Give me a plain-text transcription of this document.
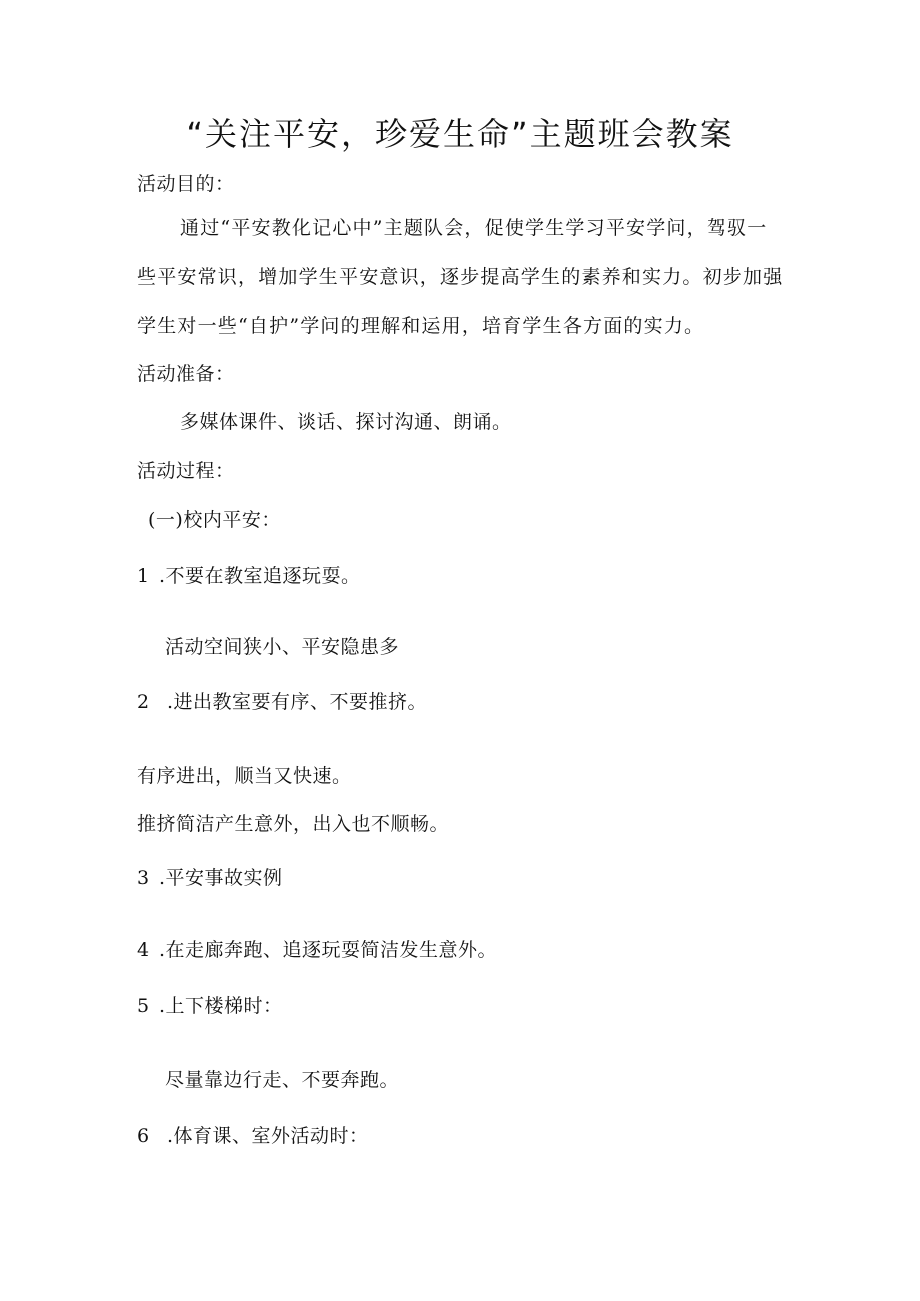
“关注平安，珍爱生命”主题班会教案
活动目的：
通过“平安教化记心中”主题队会，促使学生学习平安学问，驾驭一
些平安常识，增加学生平安意识，逐步提高学生的素养和实力。初步加强
学生对一些“自护”学问的理解和运用，培育学生各方面的实力。
活动准备：
多媒体课件、谈话、探讨沟通、朗诵。
活动过程：
(一)校内平安：
1 .不要在教室追逐玩耍。
活动空间狭小、平安隐患多
2 .进出教室要有序、不要推挤。
有序进出，顺当又快速。
推挤简洁产生意外，出入也不顺畅。
3 .平安事故实例
4 .在走廊奔跑、追逐玩耍简洁发生意外。
5 .上下楼梯时：
尽量靠边行走、不要奔跑。
6 .体育课、室外活动时：
